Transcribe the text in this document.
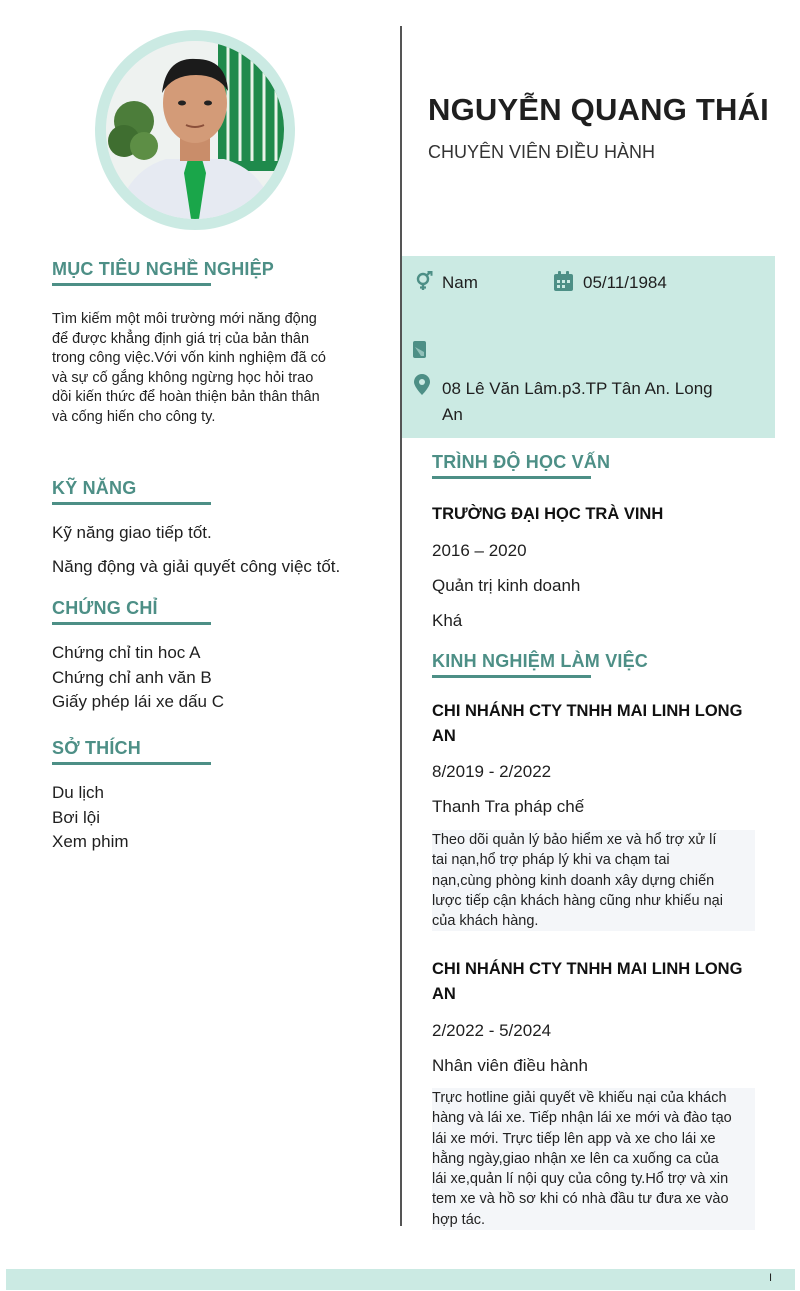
NGUYỄN QUANG THÁI
CHUYÊN VIÊN ĐIỀU HÀNH
Nam	05/11/1984
08 Lê Văn Lâm.p3.TP Tân An. Long
An
MỤC TIÊU NGHỀ NGHIỆP
Tìm kiếm một môi trường mới năng động
để được khẳng định giá trị của bản thân
trong công việc.Với vốn kinh nghiệm đã có
và sự cố gắng không ngừng học hỏi trao
dồi kiến thức để hoàn thiện bản thân thân
và cống hiến cho công ty.
KỸ NĂNG
Kỹ năng giao tiếp tốt.
Năng động và giải quyết công việc tốt.
CHỨNG CHỈ
Chứng chỉ tin hoc A
Chứng chỉ anh văn B
Giấy phép lái xe dấu C
SỞ THÍCH
Du lịch
Bơi lội
Xem phim
TRÌNH ĐỘ HỌC VẤN
TRƯỜNG ĐẠI HỌC TRÀ VINH
2016 – 2020
Quản trị kinh doanh
Khá
KINH NGHIỆM LÀM VIỆC
CHI NHÁNH CTY TNHH MAI LINH LONG
AN
8/2019 - 2/2022
Thanh Tra pháp chế
Theo dõi quản lý bảo hiểm xe và hổ trợ xử lí
tai nạn,hổ trợ pháp lý khi va chạm tai
nạn,cùng phòng kinh doanh xây dựng chiến
lược tiếp cận khách hàng cũng như khiếu nại
của khách hàng.
CHI NHÁNH CTY TNHH MAI LINH LONG
AN
2/2022 - 5/2024
Nhân viên điều hành
Trực hotline giải quyết về khiếu nại của khách
hàng và lái xe. Tiếp nhận lái xe mới và đào tạo
lái xe mới. Trực tiếp lên app và xe cho lái xe
hằng ngày,giao nhận xe lên ca xuống ca của
lái xe,quản lí nội quy của công ty.Hổ trợ và xin
tem xe và hồ sơ khi có nhà đầu tư đưa xe vào
hợp tác.
I
